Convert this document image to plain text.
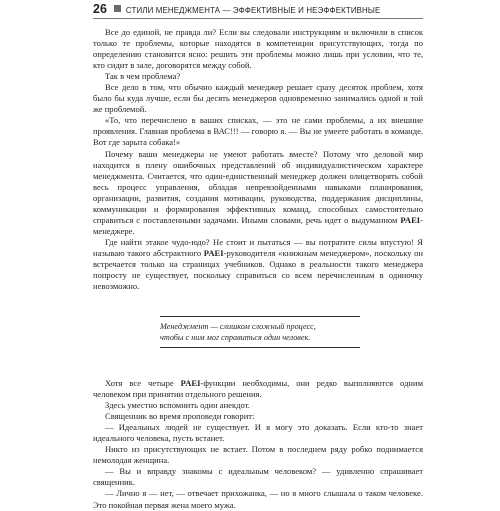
26 СТИЛИ МЕНЕДЖМЕНТА — ЭФФЕКТИВНЫЕ И НЕЭФФЕКТИВНЫЕ

Все до единой, не правда ли? Если вы следовали инструкциям и включили в список только те проблемы, которые находятся в компетенции присутствующих, тогда по определению становится ясно: решить эти проблемы можно лишь при условии, что те, кто сидит в зале, договорятся между собой.

Так в чем проблема?

Все дело в том, что обычно каждый менеджер решает сразу десяток проблем, хотя было бы куда лучше, если бы десять менеджеров одновременно занимались одной и той же проблемой.

«То, что перечислено в ваших списках, — это не сами проблемы, а их внешние проявления. Главная проблема в ВАС!!! — говорю я. — Вы не умеете работать в команде. Вот где зарыта собака!»

Почему ваши менеджеры не умеют работать вместе? Потому что деловой мир находится в плену ошибочных представлений об индивидуалистическом характере менеджмента. Считается, что один-единственный менеджер должен олицетворять собой весь процесс управления, обладая непревзойденными навыками планирования, организации, развития, создания мотивации, руководства, поддержания дисциплины, коммуникации и формирования эффективных команд, способных самостоятельно справиться с поставленными задачами. Иными словами, речь идет о выдуманном PAEI-менеджере.

Где найти этакое чудо-юдо? Не стоит и пытаться — вы потратите силы впустую! Я называю такого абстрактного PAEI-руководителя «книжным менеджером», поскольку он встречается только на страницах учебников. Однако в реальности такого менеджера попросту не существует, поскольку справиться со всем перечисленным в одиночку невозможно.

Менеджмент — слишком сложный процесс,
чтобы с ним мог справиться один человек.

Хотя все четыре PAEI-функции необходимы, они редко выполняются одним человеком при принятии отдельного решения.

Здесь уместно вспомнить один анекдот.

Священник во время проповеди говорит:

— Идеальных людей не существует. И я могу это доказать. Если кто-то знает идеального человека, пусть встанет.

Никто из присутствующих не встает. Потом в последнем ряду робко поднимается немолодая женщина.

— Вы и вправду знакомы с идеальным человеком? — удивленно спрашивает священник.

— Лично я — нет, — отвечает прихожанка, — но я много слышала о таком человеке. Это покойная первая жена моего мужа.
